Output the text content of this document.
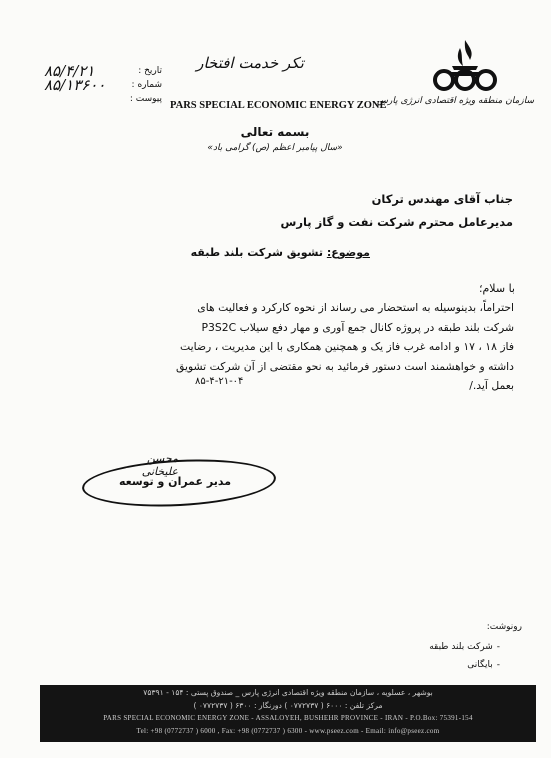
سازمان منطقه ویژه اقتصادی انرژی پارس
تکر خدمت افتخار
PARS SPECIAL ECONOMIC ENERGY ZONE
تاریخ :
۸۵/۴/۲۱
شماره :
۸۵/۱۳۶۰۰
پیوست :
بسمه تعالی
«سال پیامبر اعظم (ص) گرامی باد»
جناب آقای مهندس ترکان
مدیرعامل محترم شرکت نفت و گاز پارس
موضوع: تشویق شرکت بلند طبقه
با سلام؛
احتراماً، بدینوسیله به استحضار می رساند از نحوه کارکرد و فعالیت های
شرکت بلند طبقه در پروژه کانال جمع آوری و مهار دفع سیلاب P3S2C
فاز ۱۸ ، ۱۷ و ادامه غرب فاز یک و همچنین همکاری با این مدیریت ، رضایت
داشته و خواهشمند است دستور فرمائید به نحو مقتضی از آن شرکت تشویق
بعمل آید./
۸۵-۴-۲۱-۰۴
محسن علیخانی
مدیر عمران و توسعه
رونوشت:
-
شرکت بلند طبقه
-
بایگانی
بوشهر ، عسلویه ، سازمان منطقه ویژه اقتصادی انرژی پارس _ صندوق پستی : ۱۵۴ - ۷۵۳۹۱
مرکز تلفن : ۶۰۰۰ ( ۰۷۷۲۷۳۷ ) دورنگار : ۶۳۰۰ ( ۰۷۷۲۷۳۷ )
PARS SPECIAL ECONOMIC ENERGY ZONE - ASSALOYEH, BUSHEHR PROVINCE - IRAN - P.O.Box: 75391-154
Tel: +98 (0772737 ) 6000 , Fax: +98 (0772737 ) 6300 - www.pseez.com - Email: info@pseez.com
